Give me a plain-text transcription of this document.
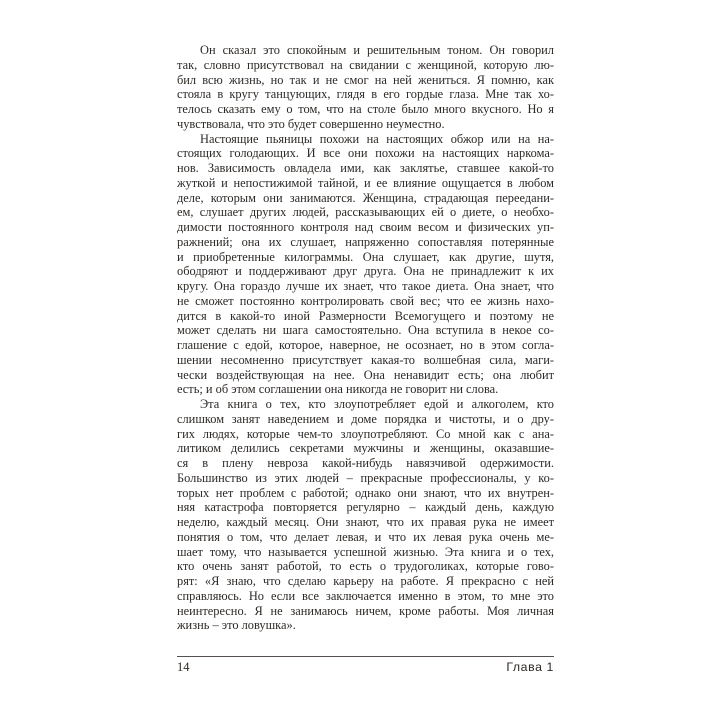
Он сказал это спокойным и решительным тоном. Он говорил
так, словно присутствовал на свидании с женщиной, которую лю-
бил всю жизнь, но так и не смог на ней жениться. Я помню, как
стояла в кругу танцующих, глядя в его гордые глаза. Мне так хо-
телось сказать ему о том, что на столе было много вкусного. Но я
чувствовала, что это будет совершенно неуместно.
Настоящие пьяницы похожи на настоящих обжор или на на-
стоящих голодающих. И все они похожи на настоящих наркома-
нов. Зависимость овладела ими, как заклятье, ставшее какой-то
жуткой и непостижимой тайной, и ее влияние ощущается в любом
деле, которым они занимаются. Женщина, страдающая переедани-
ем, слушает других людей, рассказывающих ей о диете, о необхо-
димости постоянного контроля над своим весом и физических уп-
ражнений; она их слушает, напряженно сопоставляя потерянные
и приобретенные килограммы. Она слушает, как другие, шутя,
ободряют и поддерживают друг друга. Она не принадлежит к их
кругу. Она гораздо лучше их знает, что такое диета. Она знает, что
не сможет постоянно контролировать свой вес; что ее жизнь нахо-
дится в какой-то иной Размерности Всемогущего и поэтому не
может сделать ни шага самостоятельно. Она вступила в некое со-
глашение с едой, которое, наверное, не осознает, но в этом согла-
шении несомненно присутствует какая-то волшебная сила, маги-
чески воздействующая на нее. Она ненавидит есть; она любит
есть; и об этом соглашении она никогда не говорит ни слова.
Эта книга о тех, кто злоупотребляет едой и алкоголем, кто
слишком занят наведением и доме порядка и чистоты, и о дру-
гих людях, которые чем-то злоупотребляют. Со мной как с ана-
литиком делились секретами мужчины и женщины, оказавшие-
ся в плену невроза какой-нибудь навязчивой одержимости.
Большинство из этих людей – прекрасные профессионалы, у ко-
торых нет проблем с работой; однако они знают, что их внутрен-
няя катастрофа повторяется регулярно – каждый день, каждую
неделю, каждый месяц. Они знают, что их правая рука не имеет
понятия о том, что делает левая, и что их левая рука очень ме-
шает тому, что называется успешной жизнью. Эта книга и о тех,
кто очень занят работой, то есть о трудоголиках, которые гово-
рят: «Я знаю, что сделаю карьеру на работе. Я прекрасно с ней
справляюсь. Но если все заключается именно в этом, то мне это
неинтересно. Я не занимаюсь ничем, кроме работы. Моя личная
жизнь – это ловушка».
14	Глава 1
